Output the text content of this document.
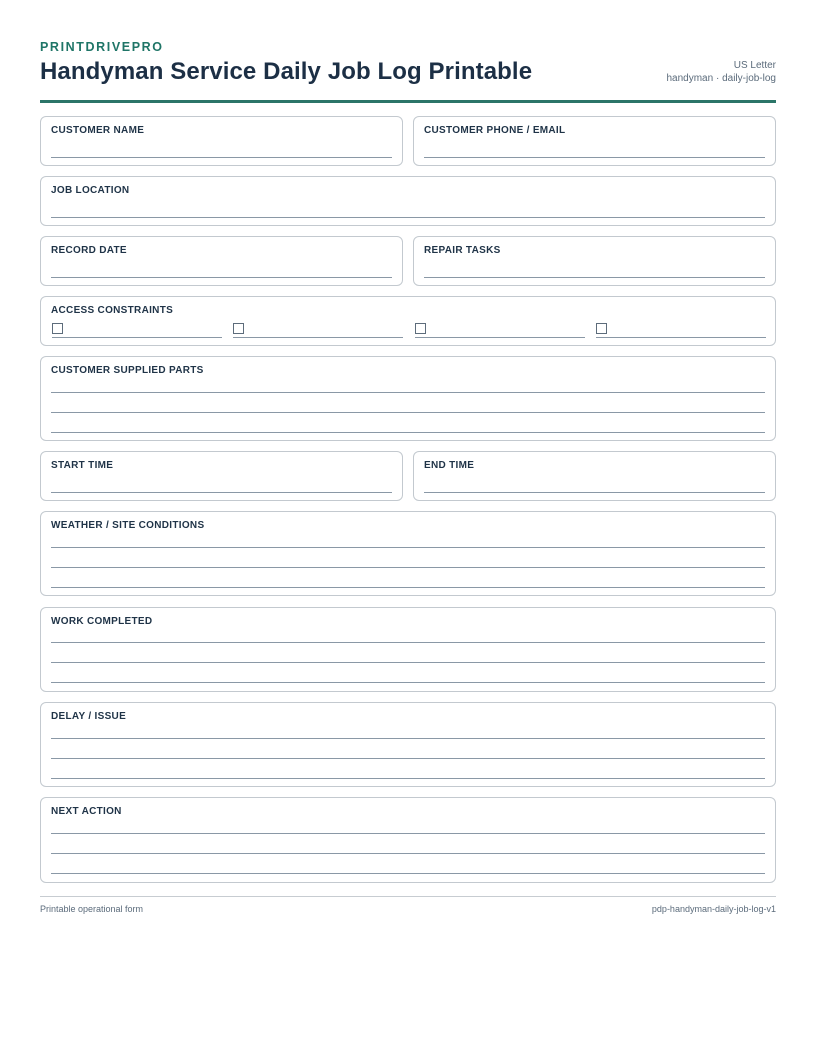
PRINTDRIVEPRO
Handyman Service Daily Job Log Printable	US Letter
handyman · daily-job-log
CUSTOMER NAME	CUSTOMER PHONE / EMAIL
JOB LOCATION
RECORD DATE	REPAIR TASKS
ACCESS CONSTRAINTS
CUSTOMER SUPPLIED PARTS
START TIME	END TIME
WEATHER / SITE CONDITIONS
WORK COMPLETED
DELAY / ISSUE
NEXT ACTION
Printable operational form	pdp-handyman-daily-job-log-v1
